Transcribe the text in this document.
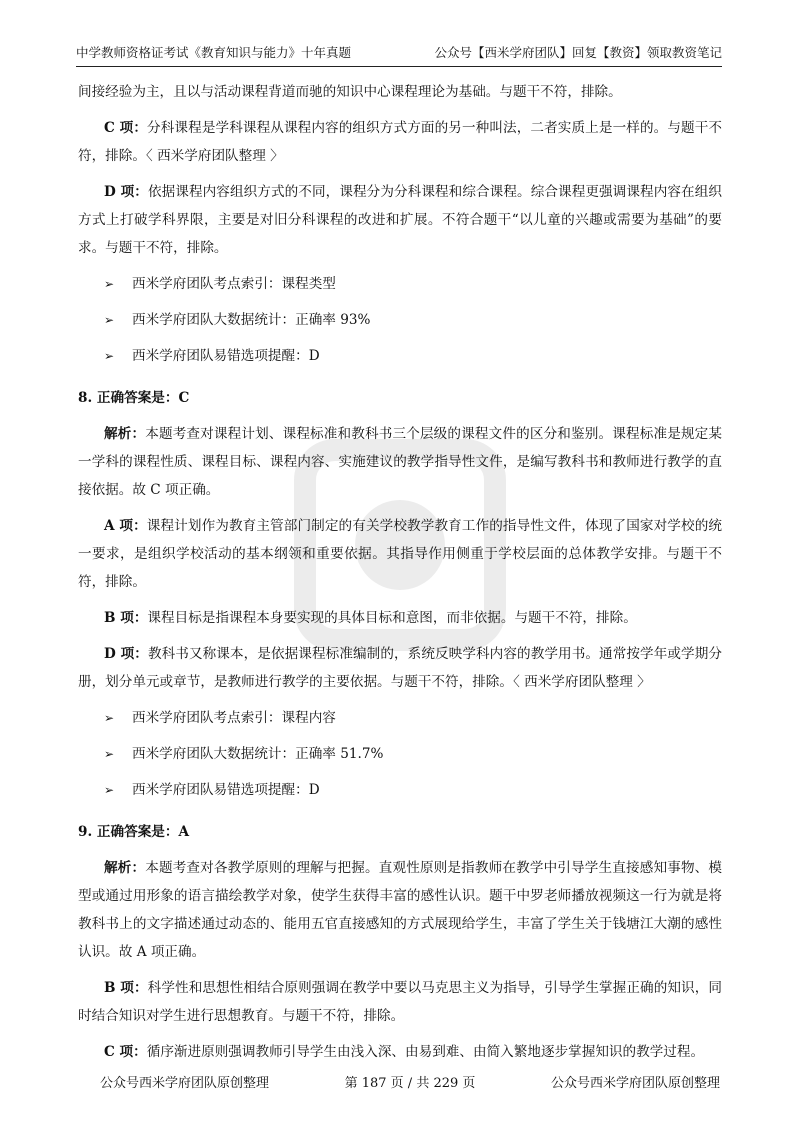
中学教师资格证考试《教育知识与能力》十年真题	公众号【西米学府团队】回复【教资】领取教资笔记

间接经验为主，且以与活动课程背道而驰的知识中心课程理论为基础。与题干不符，排除。

C 项：分科课程是学科课程从课程内容的组织方式方面的另一种叫法，二者实质上是一样的。与题干不符，排除。〈 西米学府团队整理 〉

D 项：依据课程内容组织方式的不同，课程分为分科课程和综合课程。综合课程更强调课程内容在组织方式上打破学科界限，主要是对旧分科课程的改进和扩展。不符合题干“以儿童的兴趣或需要为基础”的要求。与题干不符，排除。

➢	西米学府团队考点索引：课程类型
➢	西米学府团队大数据统计：正确率 93%
➢	西米学府团队易错选项提醒：D
8. 正确答案是：C

解析：本题考查对课程计划、课程标准和教科书三个层级的课程文件的区分和鉴别。课程标准是规定某一学科的课程性质、课程目标、课程内容、实施建议的教学指导性文件，是编写教科书和教师进行教学的直接依据。故 C 项正确。

A 项：课程计划作为教育主管部门制定的有关学校教学教育工作的指导性文件，体现了国家对学校的统一要求，是组织学校活动的基本纲领和重要依据。其指导作用侧重于学校层面的总体教学安排。与题干不符，排除。

B 项：课程目标是指课程本身要实现的具体目标和意图，而非依据。与题干不符，排除。

D 项：教科书又称课本，是依据课程标准编制的，系统反映学科内容的教学用书。通常按学年或学期分册，划分单元或章节，是教师进行教学的主要依据。与题干不符，排除。〈 西米学府团队整理 〉

➢	西米学府团队考点索引：课程内容
➢	西米学府团队大数据统计：正确率 51.7%
➢	西米学府团队易错选项提醒：D
9. 正确答案是：A

解析：本题考查对各教学原则的理解与把握。直观性原则是指教师在教学中引导学生直接感知事物、模型或通过用形象的语言描绘教学对象，使学生获得丰富的感性认识。题干中罗老师播放视频这一行为就是将教科书上的文字描述通过动态的、能用五官直接感知的方式展现给学生，丰富了学生关于钱塘江大潮的感性认识。故 A 项正确。

B 项：科学性和思想性相结合原则强调在教学中要以马克思主义为指导，引导学生掌握正确的知识，同时结合知识对学生进行思想教育。与题干不符，排除。

C 项：循序渐进原则强调教师引导学生由浅入深、由易到难、由简入繁地逐步掌握知识的教学过程。

公众号西米学府团队原创整理	第 187 页 / 共 229 页	公众号西米学府团队原创整理
